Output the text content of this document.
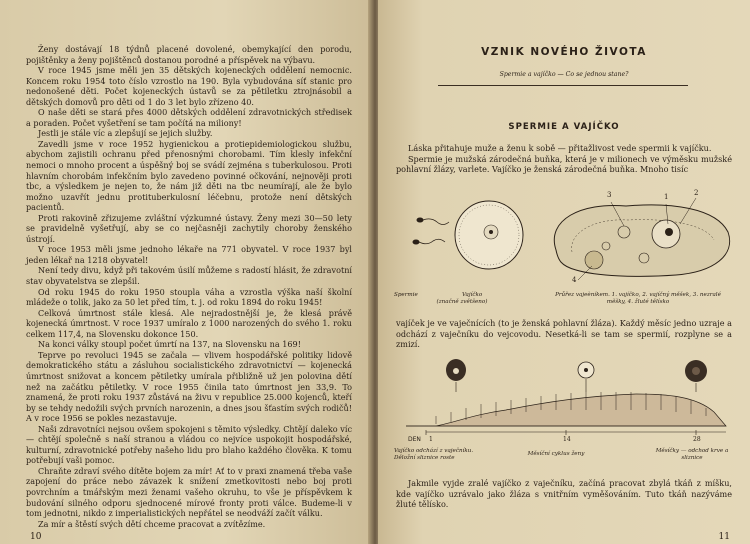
Ženy dostávají 18 týdnů placené dovolené, obemykající den porodu, pojištěnky a ženy pojištěnců dostanou porodné a příspěvek na výbavu.

V roce 1945 jsme měli jen 35 dětských kojeneckých oddělení nemocnic. Koncem roku 1954 toto číslo vzrostlo na 190. Byla vybudována síť stanic pro nedonošené děti. Počet kojeneckých ústavů se za pětiletku ztrojnásobil a dětských domovů pro děti od 1 do 3 let bylo zřízeno 40.

O naše děti se stará přes 4000 dětských oddělení zdravotnických středisek a poraden. Počet vyšetření se tam počítá na miliony!

Jestli je stále víc a zlepšují se jejich služby.

Zavedli jsme v roce 1952 hygienickou a protiepidemiologickou službu, abychom zajistili ochranu před přenosnými chorobami. Tím klesly infekční nemoci o mnoho procent a úspěšný boj se svádí zejména s tuberkulosou. Proti hlavním chorobám infekčním bylo zavedeno povinné očkování, nejnověji proti tbc, a výsledkem je nejen to, že nám již děti na tbc neumírají, ale že bylo možno uzavřít jednu protituberkulosní léčebnu, protože není dětských pacientů.

Proti rakovině zřizujeme zvláštní výzkumné ústavy. Ženy mezi 30—50 lety se pravidelně vyšetřují, aby se co nejčasněji zachytily choroby ženského ústrojí.

V roce 1953 měli jsme jednoho lékaře na 771 obyvatel. V roce 1937 byl jeden lékař na 1218 obyvatel!

Není tedy divu, když při takovém úsilí můžeme s radostí hlásit, že zdravotní stav obyvatelstva se zlepšil.

Od roku 1945 do roku 1950 stoupla váha a vzrostla výška naší školní mládeže o tolik, jako za 50 let před tím, t. j. od roku 1894 do roku 1945!

Celková úmrtnost stále klesá. Ale nejradostnější je, že klesá právě kojenecká úmrtnost. V roce 1937 umíralo z 1000 narozených do svého 1. roku celkem 117,4, na Slovensku dokonce 150.

Na konci války stoupl počet úmrtí na 137, na Slovensku na 169!

Teprve po revoluci 1945 se začala — vlivem hospodářské politiky lidově demokratického státu a zásluhou socialistického zdravotnictví — kojenecká úmrtnost snižovat a koncem pětiletky umírala přibližně už jen polovina dětí než na začátku pětiletky. V roce 1955 činila tato úmrtnost jen 33,9. To znamená, že proti roku 1937 zůstává na živu v republice 25.000 kojenců, kteří by se tehdy nedožili svých prvních narozenin, a dnes jsou šťastím svých rodičů! A v roce 1956 se pokles nezastavuje.

Naši zdravotníci nejsou ovšem spokojeni s těmito výsledky. Chtějí daleko víc — chtějí společně s naší stranou a vládou co nejvíce uspokojit hospodářské, kulturní, zdravotnické potřeby našeho lidu pro blaho každého člověka. K tomu potřebují vaši pomoc.

Chraňte zdraví svého dítěte bojem za mír! Ať to v praxi znamená třeba vaše zapojení do práce nebo závazek k snížení zmetkovitosti nebo boj proti povrchním a tmářským mezi ženami vašeho okruhu, to vše je příspěvkem k budování silného odporu sjednocené mírové fronty proti válce. Budeme-li v tom jednotni, nikdo z imperialistických nepřátel se neodváží začít válku.

Za mír a štěstí svých dětí chceme pracovat a zvítězíme.

10
VZNIK NOVÉHO ŽIVOTA
Spermie a vajíčko — Co se jednou stane?
SPERMIE A VAJÍČKO

Láska přitahuje muže a ženu k sobě — přitažlivost vede spermii k vajíčku.

Spermie je mužská zárodečná buňka, která je v milionech ve výměsku mužské pohlavní žlázy, varlete. Vajíčko je ženská zárodečná buňka. Mnoho tisíc

3	1	2
4
Spermie	Vajíčko
(značně zvětšeno)
Průřez vajeèníkem. 1. vajíčko, 2. vajíčný měšek, 3. nezralé měšky, 4. žluté tělísko

vajíček je ve vaječnících (to je ženská pohlavní žláza). Každý měsíc jedno uzraje a odchází z vaječníku do vejcovodu. Nesetká-li se tam se spermií, rozplyne se a zmizí.

DEN 1	14	28
Vajíčko odchází z vaječníku. Děložní sliznice roste
Měsíční cyklus ženy	Měsíčky — odchod krve a sliznice

Jakmile vyjde zralé vajíčko z vaječníku, začíná pracovat zbylá tkáň z míšku, kde vajíčko uzrávalo jako žláza s vnitřním vyměšováním. Tuto tkáň nazýváme žluté tělísko.

11
